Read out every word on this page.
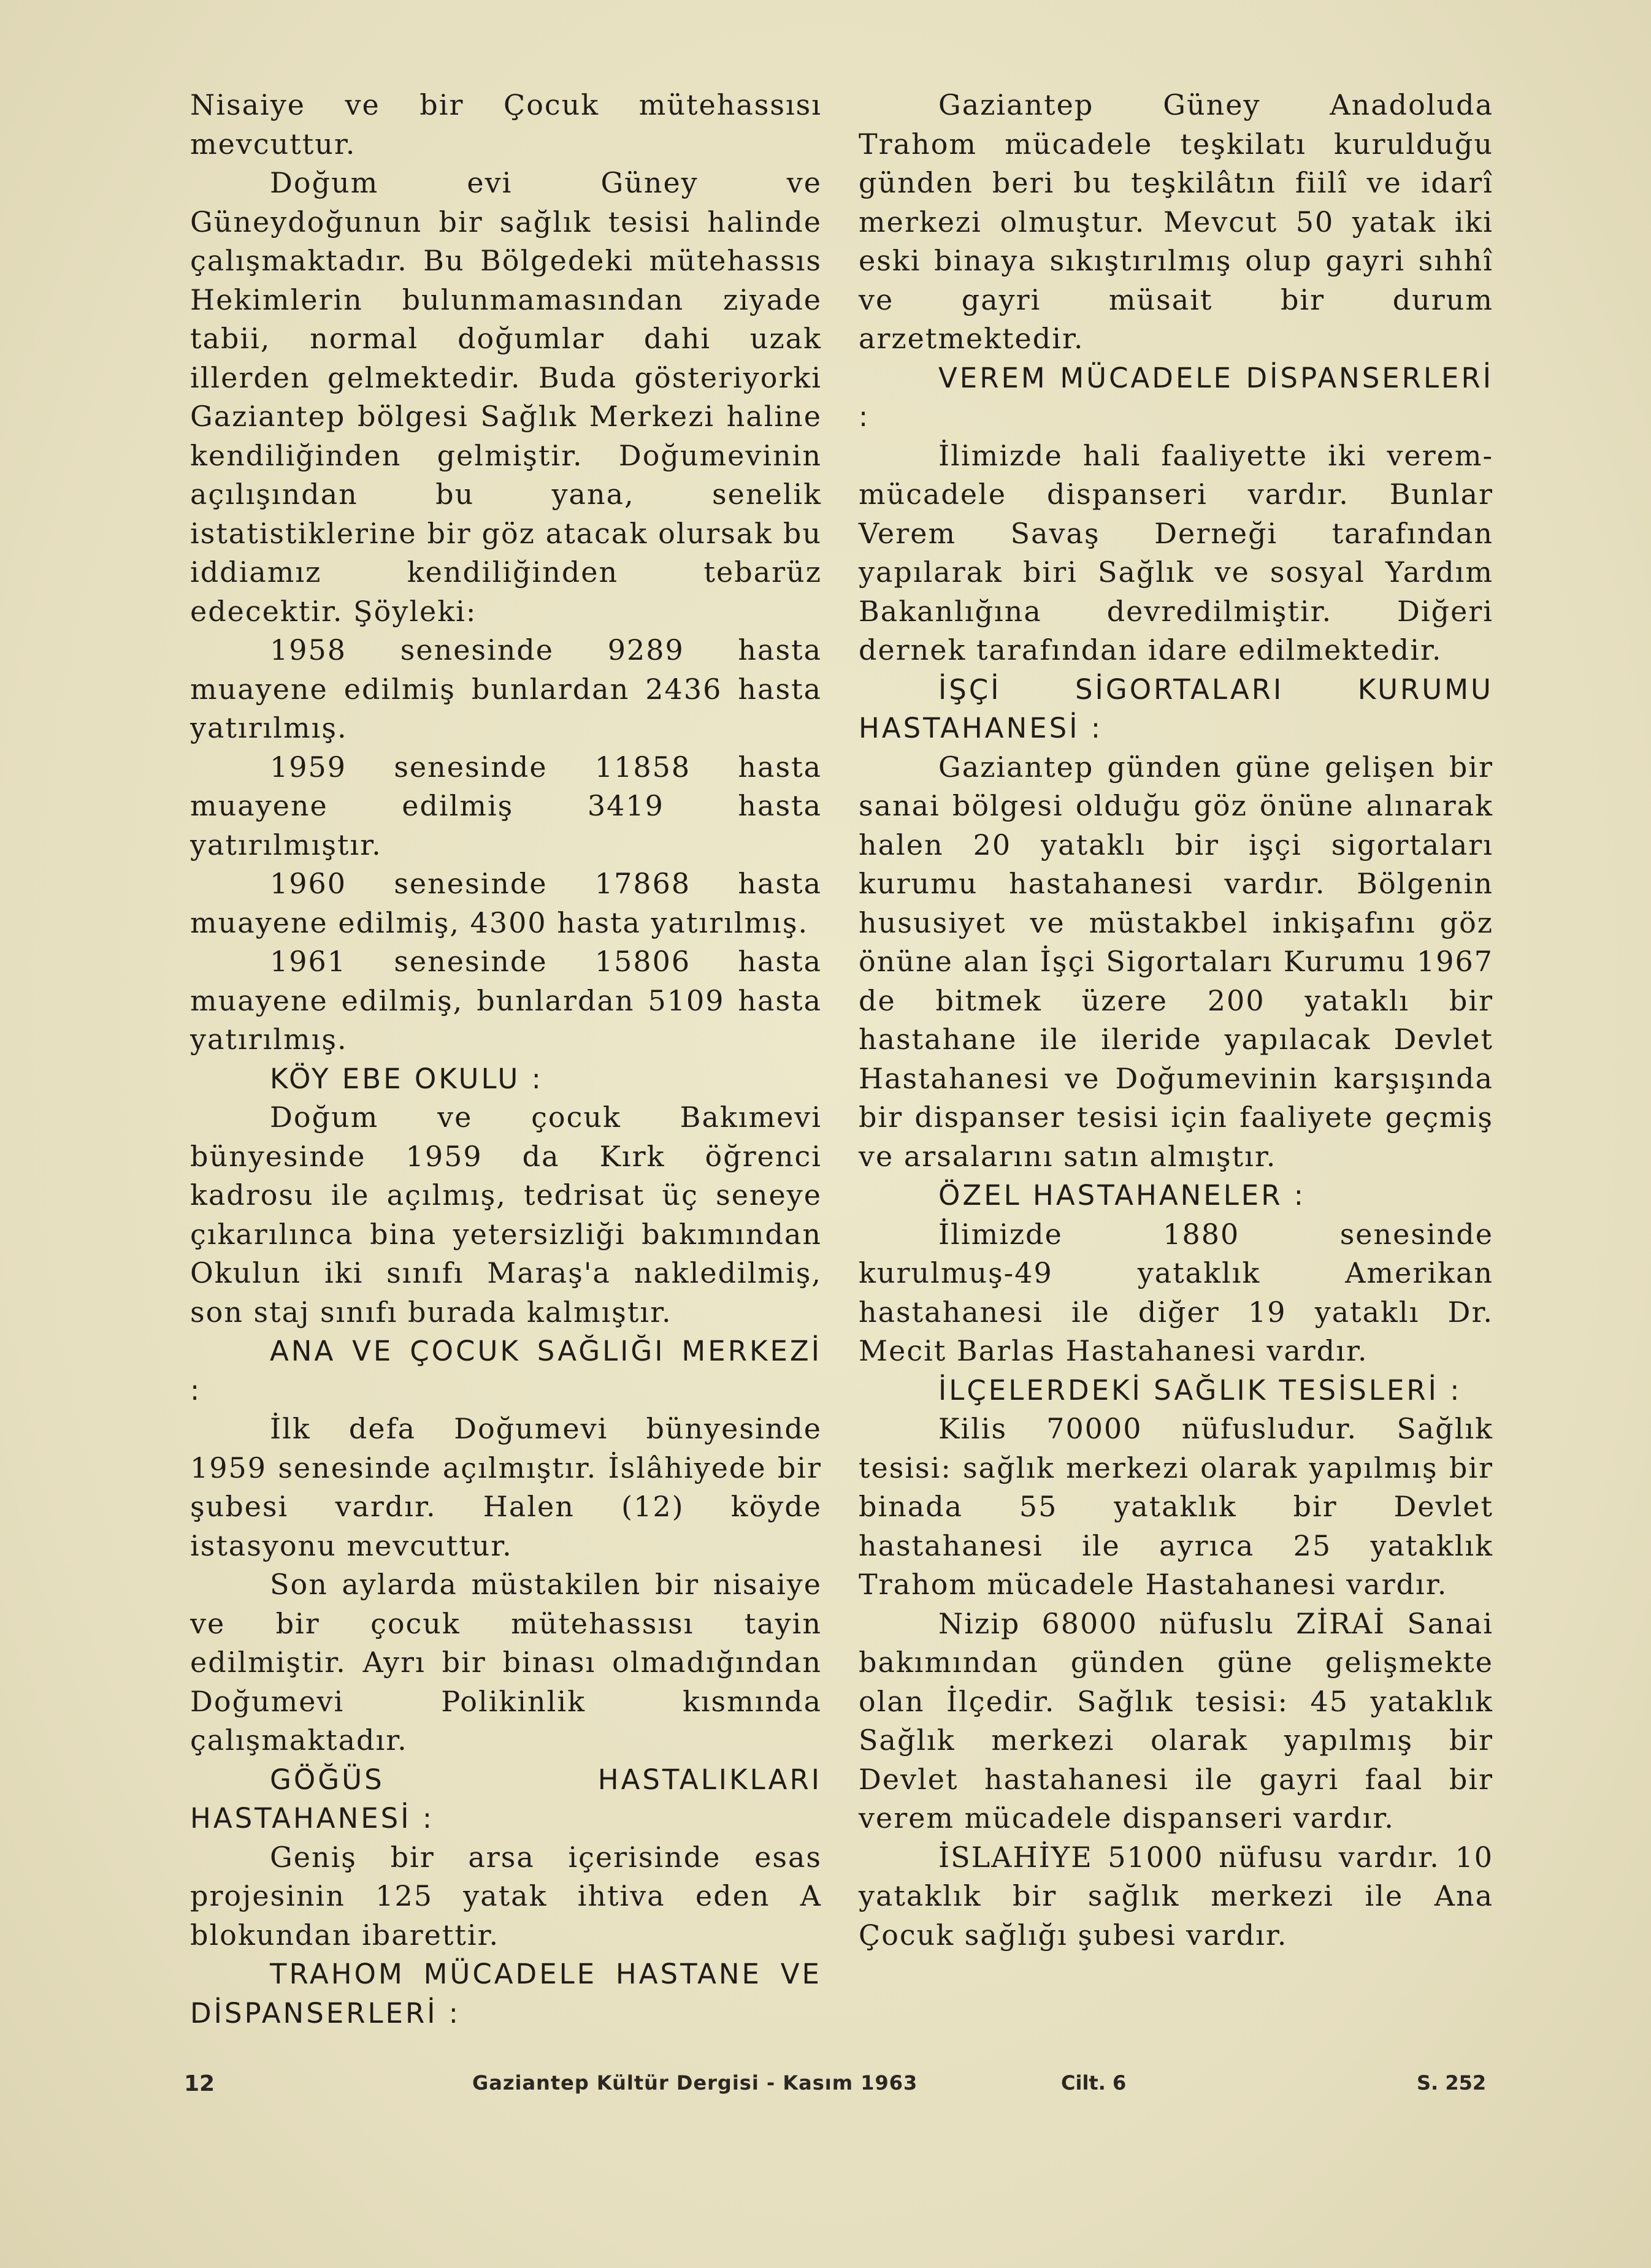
Nisaiye ve bir Çocuk mütehassısı mevcuttur.

Doğum evi Güney ve Güneydoğunun bir sağlık tesisi halinde çalışmaktadır. Bu Bölgedeki mütehassıs Hekimlerin bulunmamasından ziyade tabii, normal doğumlar dahi uzak illerden gelmektedir. Buda gösteriyorki Gaziantep bölgesi Sağlık Merkezi haline kendiliğinden gelmiştir. Doğumevinin açılışından bu yana, senelik istatistiklerine bir göz atacak olursak bu iddiamız kendiliğinden tebarüz edecektir. Şöyleki:

1958 senesinde 9289 hasta muayene edilmiş bunlardan 2436 hasta yatırılmış.

1959 senesinde 11858 hasta muayene edilmiş 3419 hasta yatırılmıştır.

1960 senesinde 17868 hasta muayene edilmiş, 4300 hasta yatırılmış.

1961 senesinde 15806 hasta muayene edilmiş, bunlardan 5109 hasta yatırılmış.

KÖY EBE OKULU :

Doğum ve çocuk Bakımevi bünyesinde 1959 da Kırk öğrenci kadrosu ile açılmış, tedrisat üç seneye çıkarılınca bina yetersizliği bakımından Okulun iki sınıfı Maraş'a nakledilmiş, son staj sınıfı burada kalmıştır.

ANA VE ÇOCUK SAĞLIĞI MERKEZİ :

İlk defa Doğumevi bünyesinde 1959 senesinde açılmıştır. İslâhiyede bir şubesi vardır. Halen (12) köyde istasyonu mevcuttur.

Son aylarda müstakilen bir nisaiye ve bir çocuk mütehassısı tayin edilmiştir. Ayrı bir binası olmadığından Doğumevi Polikinlik kısmında çalışmaktadır.

GÖĞÜS HASTALIKLARI HASTAHANESİ :

Geniş bir arsa içerisinde esas projesinin 125 yatak ihtiva eden A blokundan ibarettir.

TRAHOM MÜCADELE HASTANE VE DİSPANSERLERİ :

Gaziantep Güney Anadoluda Trahom mücadele teşkilatı kurulduğu günden beri bu teşkilâtın fiilî ve idarî merkezi olmuştur. Mevcut 50 yatak iki eski binaya sıkıştırılmış olup gayri sıhhî ve gayri müsait bir durum arzetmektedir.

VEREM MÜCADELE DİSPANSERLERİ :

İlimizde hali faaliyette iki verem-mücadele dispanseri vardır. Bunlar Verem Savaş Derneği tarafından yapılarak biri Sağlık ve sosyal Yardım Bakanlığına devredilmiştir. Diğeri dernek tarafından idare edilmektedir.

İŞÇİ SİGORTALARI KURUMU HASTAHANESİ :

Gaziantep günden güne gelişen bir sanai bölgesi olduğu göz önüne alınarak halen 20 yataklı bir işçi sigortaları kurumu hastahanesi vardır. Bölgenin hususiyet ve müstakbel inkişafını göz önüne alan İşçi Sigortaları Kurumu 1967 de bitmek üzere 200 yataklı bir hastahane ile ileride yapılacak Devlet Hastahanesi ve Doğumevinin karşışında bir dispanser tesisi için faaliyete geçmiş ve arsalarını satın almıştır.

ÖZEL HASTAHANELER :

İlimizde 1880 senesinde kurulmuş-49 yataklık Amerikan hastahanesi ile diğer 19 yataklı Dr. Mecit Barlas Hastahanesi vardır.

İLÇELERDEKİ SAĞLIK TESİSLERİ :

Kilis 70000 nüfusludur. Sağlık tesisi: sağlık merkezi olarak yapılmış bir binada 55 yataklık bir Devlet hastahanesi ile ayrıca 25 yataklık Trahom mücadele Hastahanesi vardır.

Nizip 68000 nüfuslu ZİRAİ Sanai bakımından günden güne gelişmekte olan İlçedir. Sağlık tesisi: 45 yataklık Sağlık merkezi olarak yapılmış bir Devlet hastahanesi ile gayri faal bir verem mücadele dispanseri vardır.

İSLAHİYE 51000 nüfusu vardır. 10 yataklık bir sağlık merkezi ile Ana Çocuk sağlığı şubesi vardır.

12	Gaziantep Kültür Dergisi - Kasım 1963	Cilt. 6	S. 252
